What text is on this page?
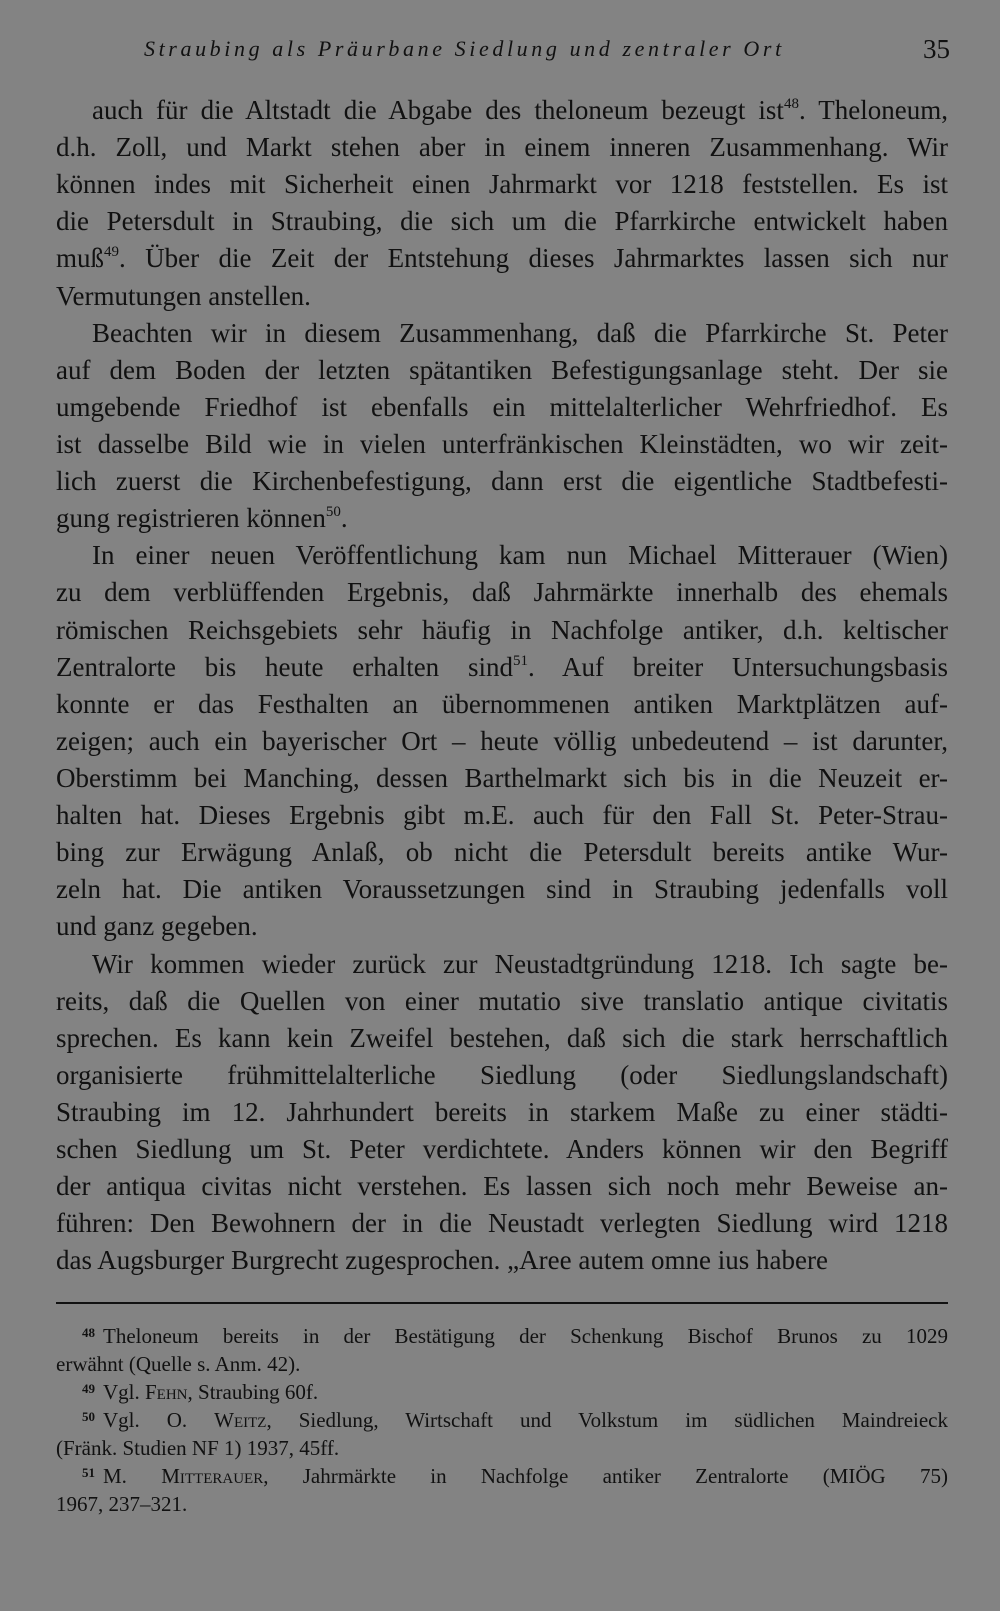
Straubing als Präurbane Siedlung und zentraler Ort	35
auch für die Altstadt die Abgabe des theloneum bezeugt ist$^{48}$. Theloneum,
d.h. Zoll, und Markt stehen aber in einem inneren Zusammenhang. Wir
können indes mit Sicherheit einen Jahrmarkt vor 1218 feststellen. Es ist
die Petersdult in Straubing, die sich um die Pfarrkirche entwickelt haben
muß$^{49}$. Über die Zeit der Entstehung dieses Jahrmarktes lassen sich nur
Vermutungen anstellen.
Beachten wir in diesem Zusammenhang, daß die Pfarrkirche St. Peter
auf dem Boden der letzten spätantiken Befestigungsanlage steht. Der sie
umgebende Friedhof ist ebenfalls ein mittelalterlicher Wehrfriedhof. Es
ist dasselbe Bild wie in vielen unterfränkischen Kleinstädten, wo wir zeit-
lich zuerst die Kirchenbefestigung, dann erst die eigentliche Stadtbefesti-
gung registrieren können$^{50}$.
In einer neuen Veröffentlichung kam nun Michael Mitterauer (Wien)
zu dem verblüffenden Ergebnis, daß Jahrmärkte innerhalb des ehemals
römischen Reichsgebiets sehr häufig in Nachfolge antiker, d.h. keltischer
Zentralorte bis heute erhalten sind$^{51}$. Auf breiter Untersuchungsbasis
konnte er das Festhalten an übernommenen antiken Marktplätzen auf-
zeigen; auch ein bayerischer Ort – heute völlig unbedeutend – ist darunter,
Oberstimm bei Manching, dessen Barthelmarkt sich bis in die Neuzeit er-
halten hat. Dieses Ergebnis gibt m.E. auch für den Fall St. Peter-Strau-
bing zur Erwägung Anlaß, ob nicht die Petersdult bereits antike Wur-
zeln hat. Die antiken Voraussetzungen sind in Straubing jedenfalls voll
und ganz gegeben.
Wir kommen wieder zurück zur Neustadtgründung 1218. Ich sagte be-
reits, daß die Quellen von einer mutatio sive translatio antique civitatis
sprechen. Es kann kein Zweifel bestehen, daß sich die stark herrschaftlich
organisierte frühmittelalterliche Siedlung (oder Siedlungslandschaft)
Straubing im 12. Jahrhundert bereits in starkem Maße zu einer städti-
schen Siedlung um St. Peter verdichtete. Anders können wir den Begriff
der antiqua civitas nicht verstehen. Es lassen sich noch mehr Beweise an-
führen: Den Bewohnern der in die Neustadt verlegten Siedlung wird 1218
das Augsburger Burgrecht zugesprochen. „Aree autem omne ius habere
$^{48}$ Theloneum bereits in der Bestätigung der Schenkung Bischof Brunos zu 1029
erwähnt (Quelle s. Anm. 42).
$^{49}$ Vgl. Fehn, Straubing 60f.
$^{50}$ Vgl. O. Weitz, Siedlung, Wirtschaft und Volkstum im südlichen Maindreieck
(Fränk. Studien NF 1) 1937, 45ff.
$^{51}$ M. Mitterauer, Jahrmärkte in Nachfolge antiker Zentralorte (MIÖG 75)
1967, 237–321.
